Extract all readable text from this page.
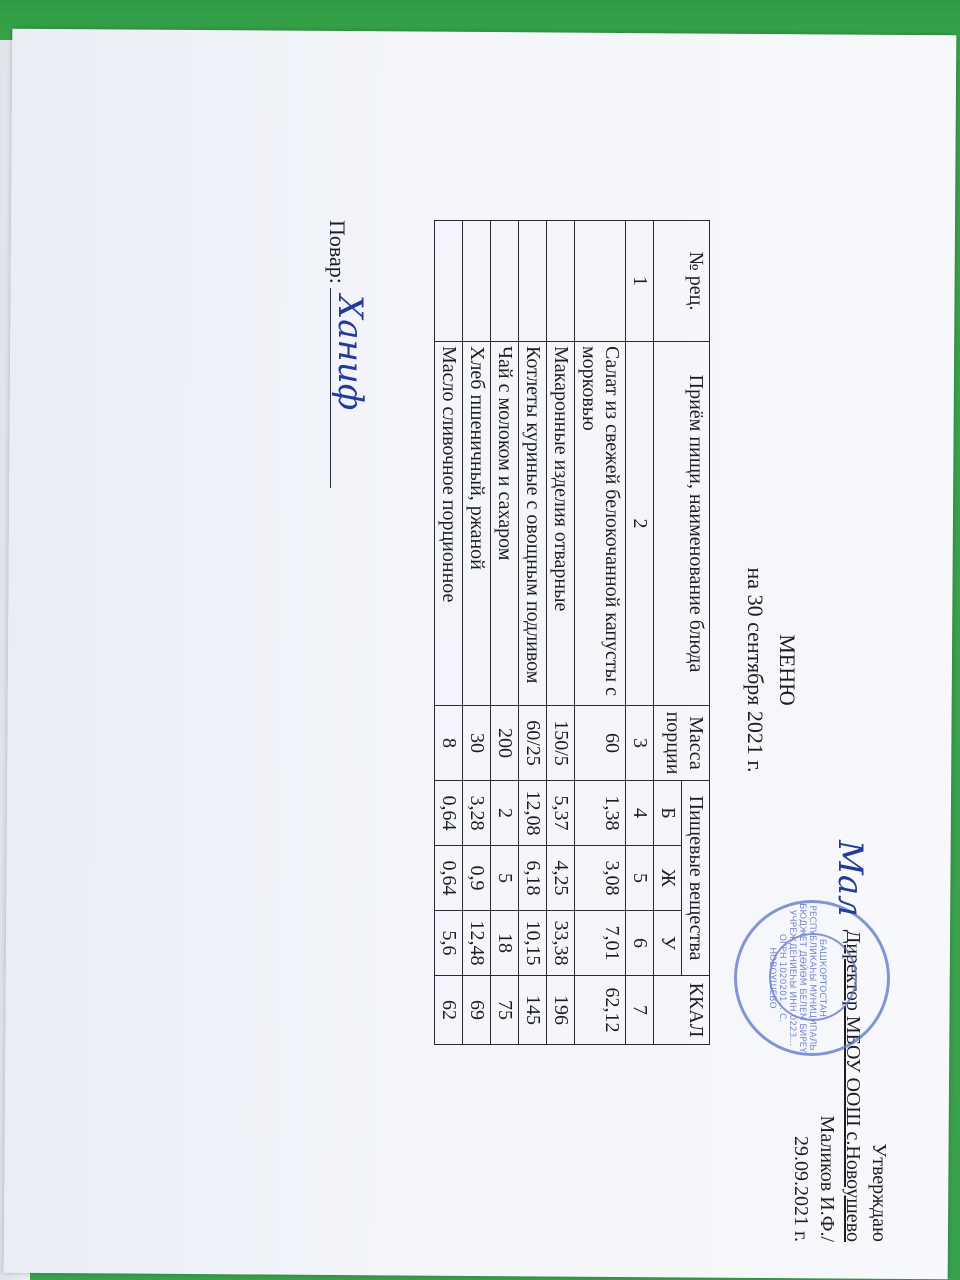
Утверждаю
Директор МБОУ ООШ с.Новоушево
Маликов И.Ф./
29.09.2021 г.
БАШКОРТОСТАН РЕСПУБЛИКАҺЫ МУНИЦИПАЛЬ БЮДЖЕТ ДӨЙӨМ БЕЛЕМ БИРЕҮ УЧРЕЖДЕНИЕҺЫ ИНН 0223... ОГРН 1020201... С. НОВОУШЕВО
Мал
МЕНЮ
на 30 сентября 2021 г.
№ рец.	Приём пищи, наименование блюда	Масса порции	Пищевые вещества			ККАЛ
			Б	Ж	У	
1	2	3	4	5	6	7
	Салат из свежей белокочанной капусты с морковью	60	1,38	3,08	7,01	62,12
	Макаронные изделия отварные	150/5	5,37	4,25	33,38	196
	Котлеты куриные с овощным подливом	60/25	12,08	6,18	10,15	145
	Чай с молоком и сахаром	200	2	5	18	75
	Хлеб пшеничный, ржаной	30	3,28	0,9	12,48	69
	Масло сливочное порционное	8	0,64	0,64	5,6	62
Повар:
Ханиф
